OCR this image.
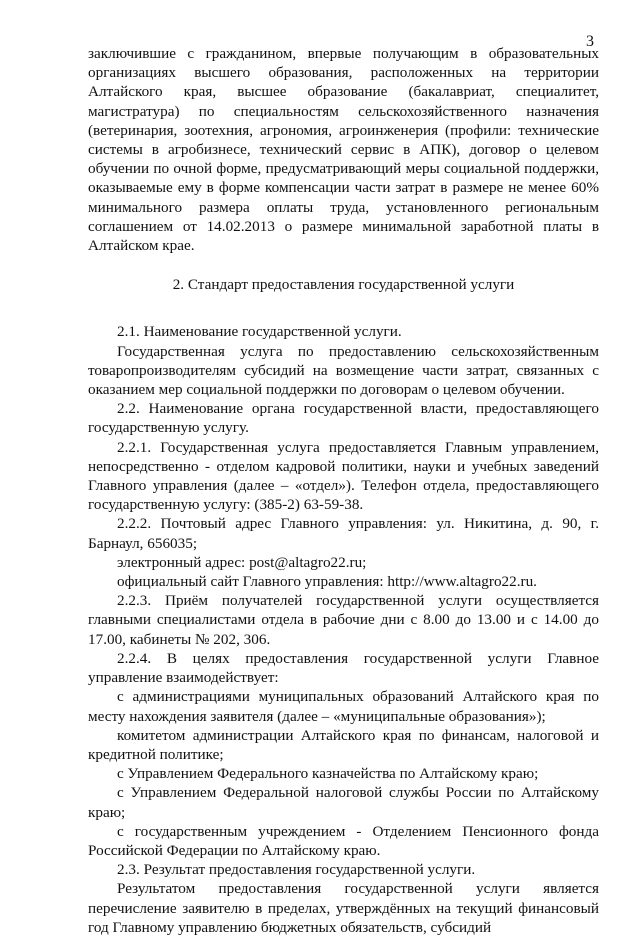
3

заключившие с гражданином, впервые получающим в образовательных организациях высшего образования, расположенных на территории Алтайского края, высшее образование (бакалавриат, специалитет, магистратура) по специальностям сельскохозяйственного назначения (ветеринария, зоотехния, агрономия, агроинженерия (профили: технические системы в агробизнесе, технический сервис в АПК), договор о целевом обучении по очной форме, предусматривающий меры социальной поддержки, оказываемые ему в форме компенсации части затрат в размере не менее 60% минимального размера оплаты труда, установленного региональным соглашением от 14.02.2013 о размере минимальной заработной платы в Алтайском крае.

2. Стандарт предоставления государственной услуги

2.1. Наименование государственной услуги.

Государственная услуга по предоставлению сельскохозяйственным товаропроизводителям субсидий на возмещение части затрат, связанных с оказанием мер социальной поддержки по договорам о целевом обучении.

2.2. Наименование органа государственной власти, предоставляющего государственную услугу.

2.2.1. Государственная услуга предоставляется Главным управлением, непосредственно - отделом кадровой политики, науки и учебных заведений Главного управления (далее – «отдел»). Телефон отдела, предоставляющего государственную услугу: (385-2) 63-59-38.

2.2.2. Почтовый адрес Главного управления: ул. Никитина, д. 90, г. Барнаул, 656035;

электронный адрес: post@altagro22.ru;

официальный сайт Главного управления: http://www.altagro22.ru.

2.2.3. Приём получателей государственной услуги осуществляется главными специалистами отдела в рабочие дни с 8.00 до 13.00 и с 14.00 до 17.00, кабинеты № 202, 306.

2.2.4. В целях предоставления государственной услуги Главное управление взаимодействует:

с администрациями муниципальных образований Алтайского края по месту нахождения заявителя (далее – «муниципальные образования»);

комитетом администрации Алтайского края по финансам, налоговой и кредитной политике;

с Управлением Федерального казначейства по Алтайскому краю;

с Управлением Федеральной налоговой службы России по Алтайскому краю;

с государственным учреждением - Отделением Пенсионного фонда Российской Федерации по Алтайскому краю.

2.3. Результат предоставления государственной услуги.

Результатом предоставления государственной услуги является перечисление заявителю в пределах, утверждённых на текущий финансовый год Главному управлению бюджетных обязательств, субсидий
